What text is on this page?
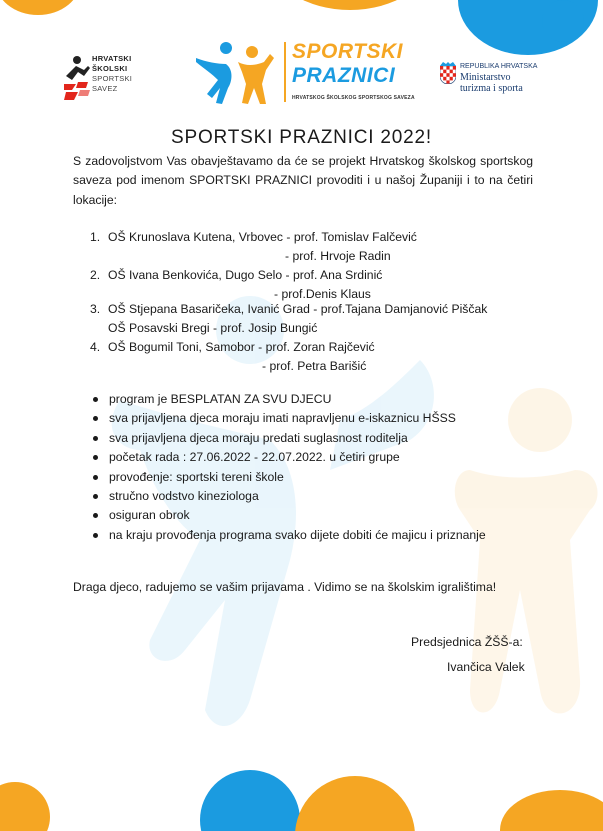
HRVATSKI
ŠKOLSKI
SPORTSKI
SAVEZ
SPORTSKI
PRAZNICI
HRVATSKOG ŠKOLSKOG SPORTSKOG SAVEZA
REPUBLIKA HRVATSKA
Ministarstvo
turizma i sporta
SPORTSKI PRAZNICI 2022!
S zadovoljstvom Vas obavještavamo da će se projekt Hrvatskog školskog sportskog saveza pod imenom SPORTSKI PRAZNICI provoditi i u našoj Županiji i to na četiri lokacije:
1. OŠ Krunoslava Kutena, Vrbovec - prof. Tomislav Falčević
- prof. Hrvoje Radin
2. OŠ Ivana Benkovića, Dugo Selo - prof. Ana Srdinić
- prof.Denis Klaus
3. OŠ Stjepana Basaričeka, Ivanić Grad - prof.Tajana Damjanović Piščak
OŠ Posavski Bregi - prof. Josip Bungić
4. OŠ Bogumil Toni, Samobor - prof. Zoran Rajčević
- prof. Petra Barišić
program je BESPLATAN ZA SVU DJECU
sva prijavljena djeca moraju imati napravljenu e-iskaznicu HŠSS
sva prijavljena djeca moraju predati suglasnost roditelja
početak rada : 27.06.2022 - 22.07.2022. u četiri grupe
provođenje: sportski tereni škole
stručno vodstvo kineziologa
osiguran obrok
na kraju provođenja programa svako dijete dobiti će majicu i priznanje
Draga djeco, radujemo se vašim prijavama . Vidimo se na školskim igralištima!
Predsjednica ŽŠŠ-a:
Ivančica Valek
